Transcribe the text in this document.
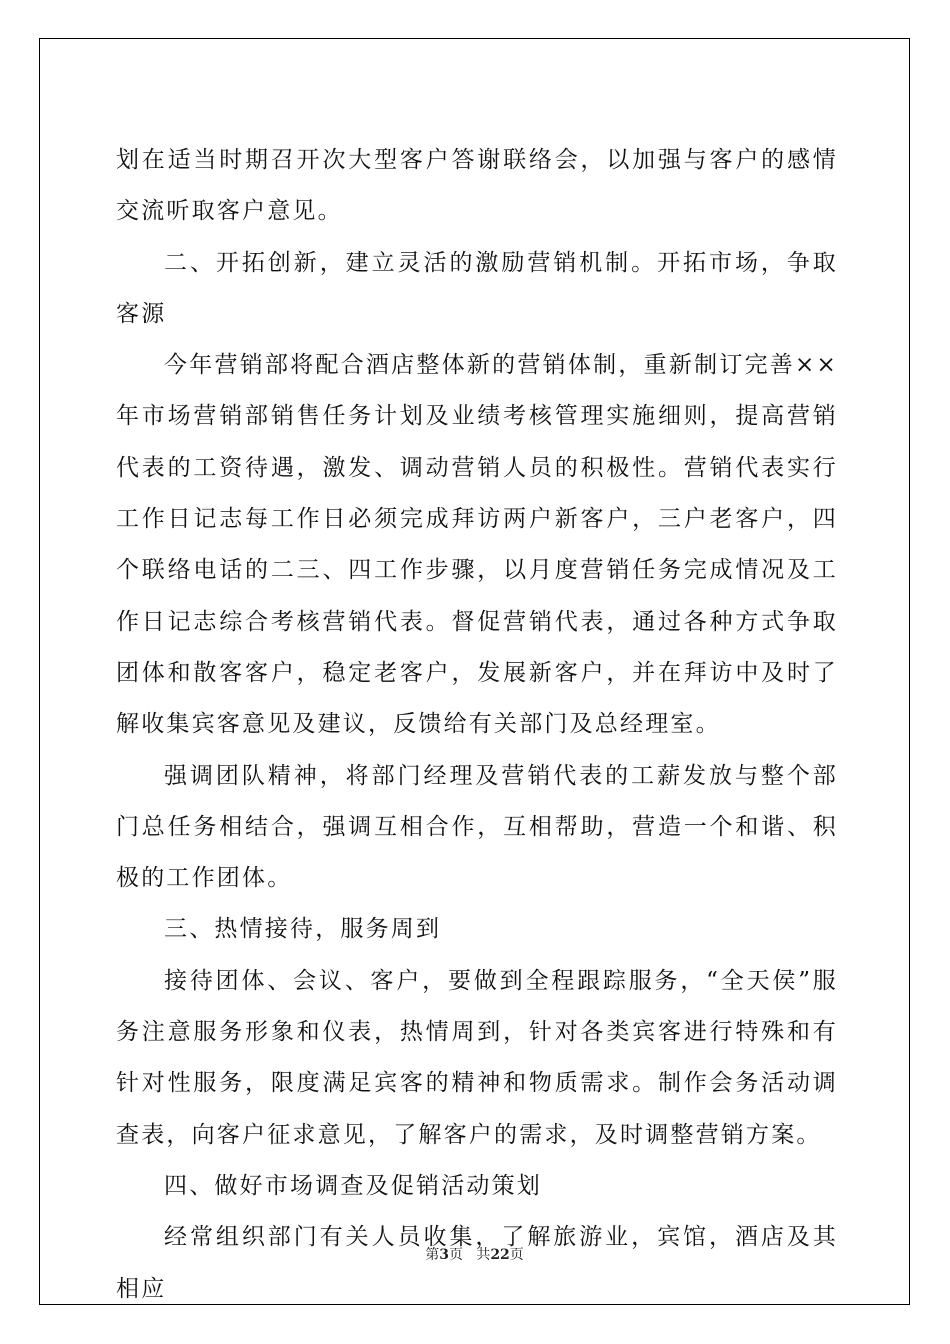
划在适当时期召开次大型客户答谢联络会，以加强与客户的感情交流听取客户意见。

二、开拓创新，建立灵活的激励营销机制。开拓市场，争取客源

今年营销部将配合酒店整体新的营销体制，重新制订完善××年市场营销部销售任务计划及业绩考核管理实施细则，提高营销代表的工资待遇，激发、调动营销人员的积极性。营销代表实行工作日记志每工作日必须完成拜访两户新客户，三户老客户，四个联络电话的二三、四工作步骤，以月度营销任务完成情况及工作日记志综合考核营销代表。督促营销代表，通过各种方式争取团体和散客客户，稳定老客户，发展新客户，并在拜访中及时了解收集宾客意见及建议，反馈给有关部门及总经理室。

强调团队精神，将部门经理及营销代表的工薪发放与整个部门总任务相结合，强调互相合作，互相帮助，营造一个和谐、积极的工作团体。

三、热情接待，服务周到

接待团体、会议、客户，要做到全程跟踪服务，“全天侯”服务注意服务形象和仪表，热情周到，针对各类宾客进行特殊和有针对性服务，限度满足宾客的精神和物质需求。制作会务活动调查表，向客户征求意见，了解客户的需求，及时调整营销方案。

四、做好市场调查及促销活动策划

经常组织部门有关人员收集，了解旅游业，宾馆，酒店及其相应

第3页 共22页
